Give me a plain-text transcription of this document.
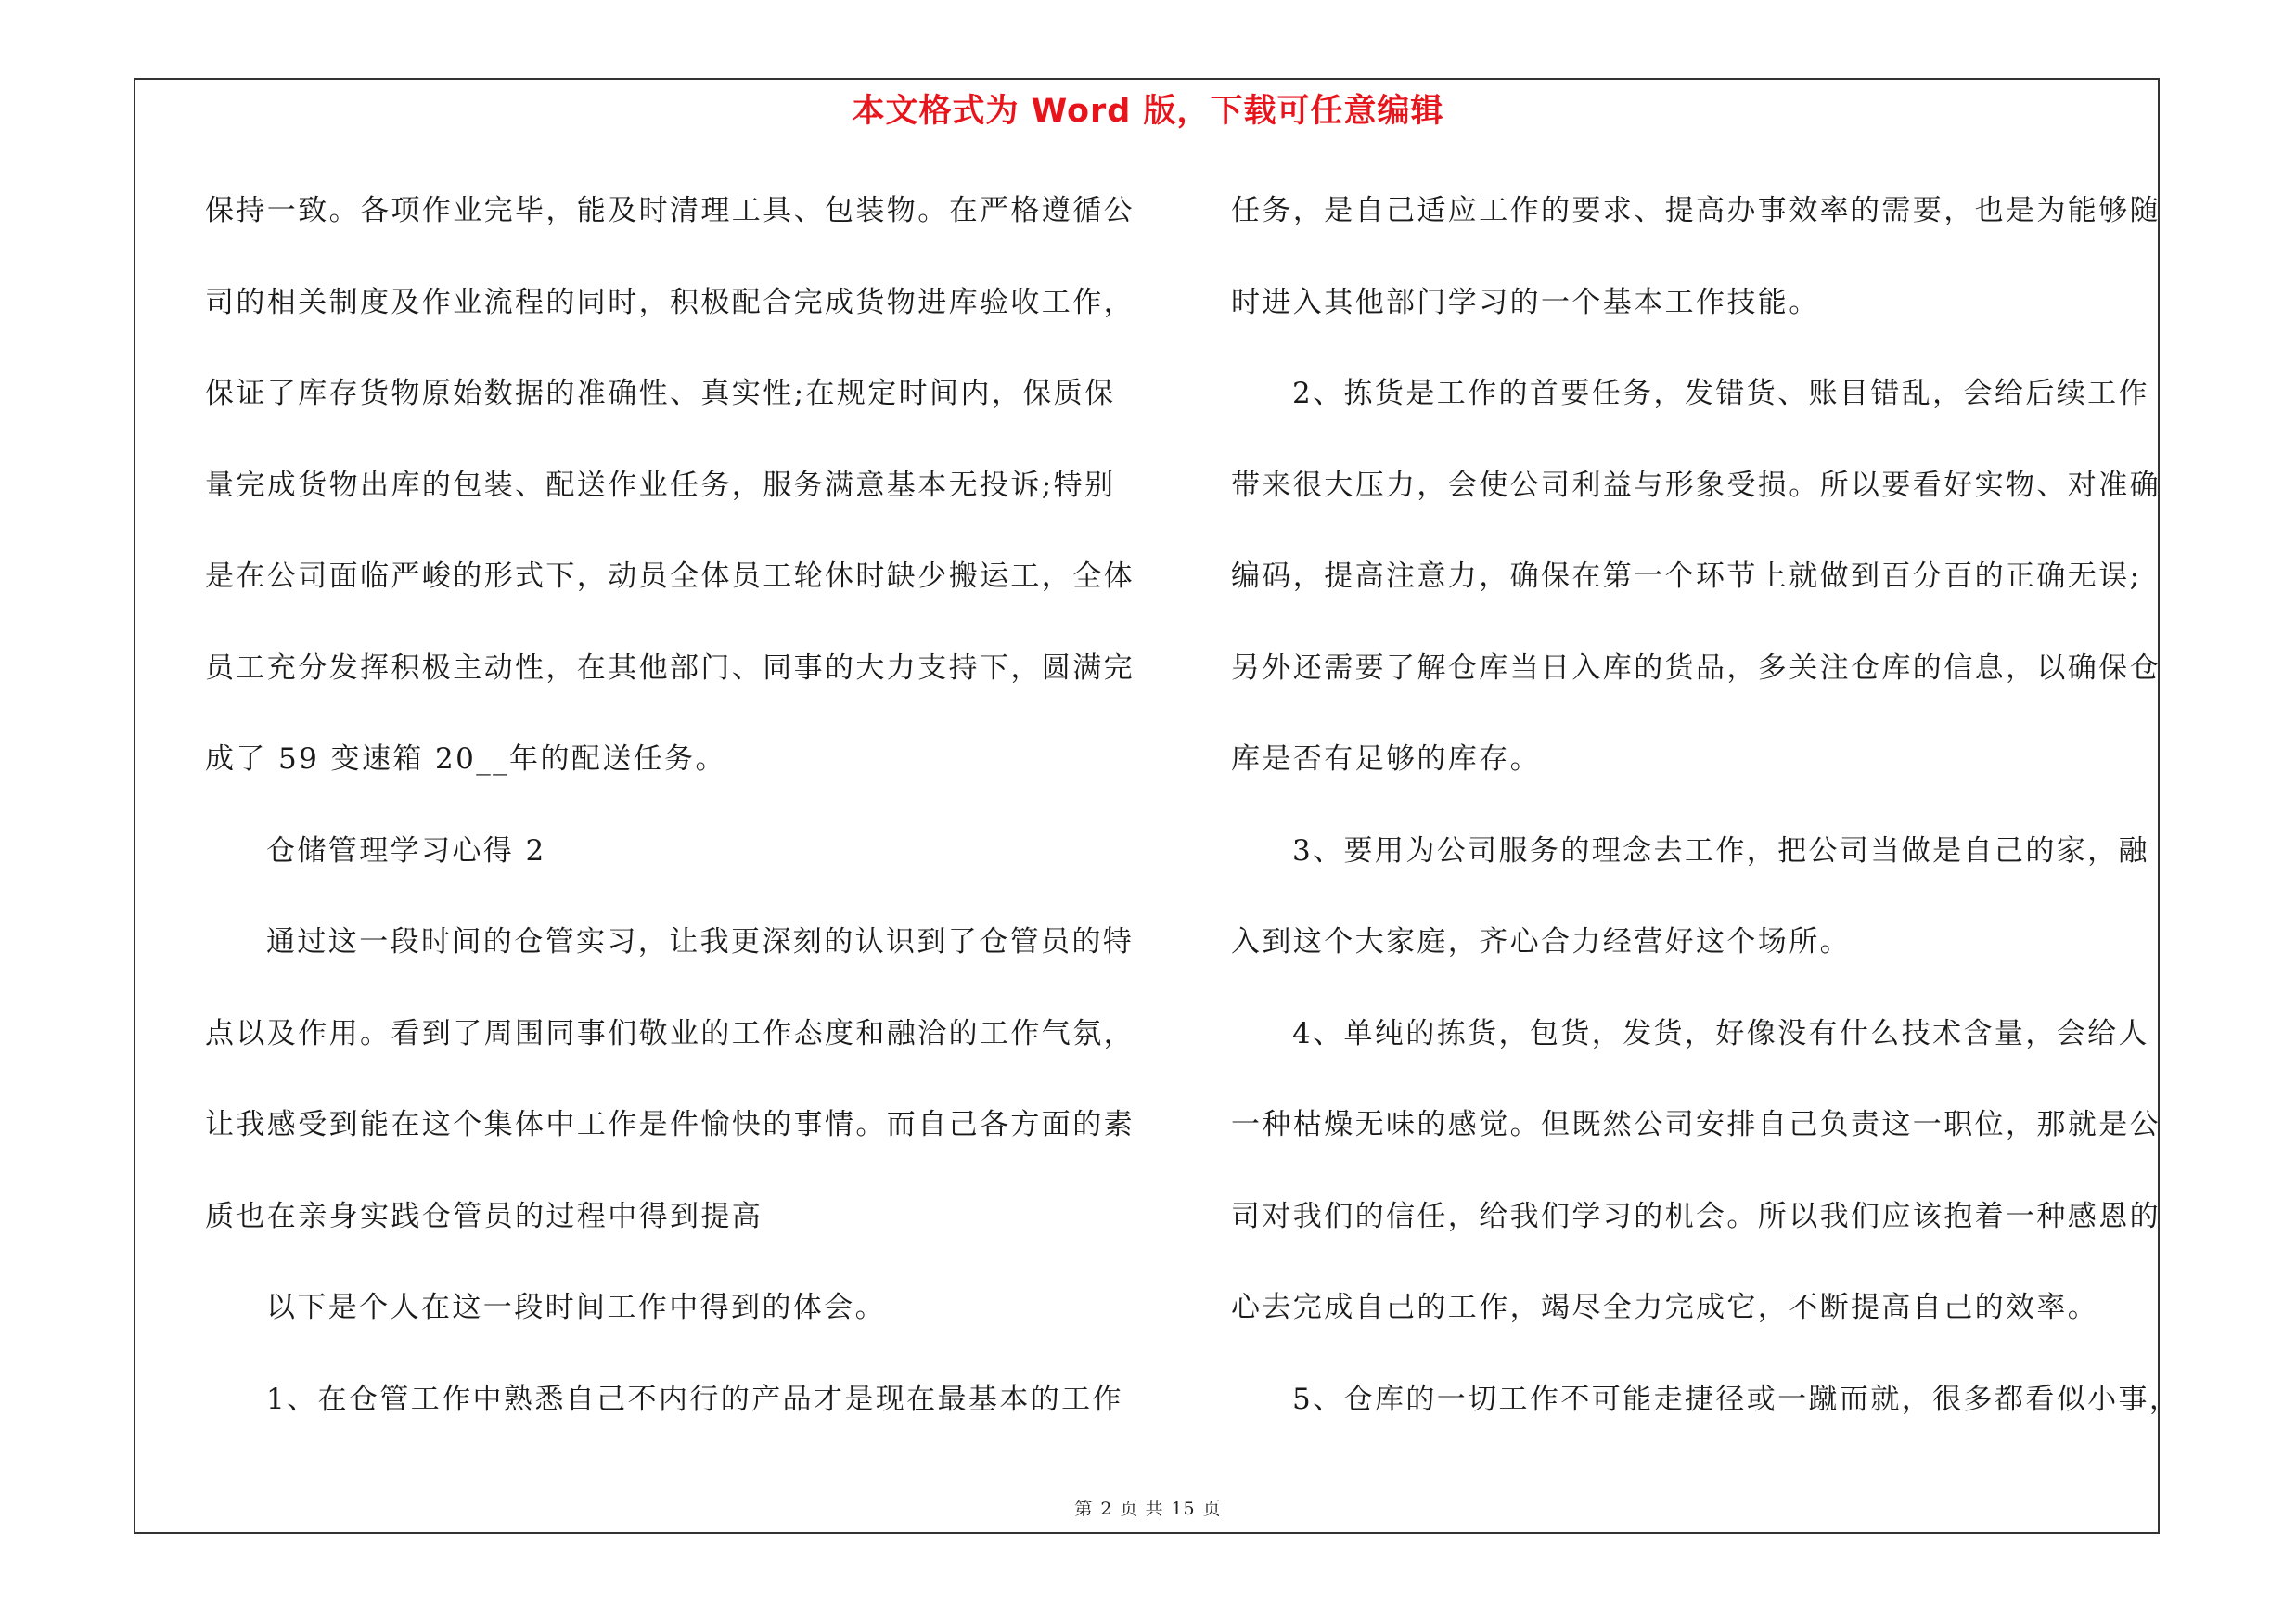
本文格式为 Word 版，下载可任意编辑
保持一致。各项作业完毕，能及时清理工具、包装物。在严格遵循公
司的相关制度及作业流程的同时，积极配合完成货物进库验收工作，
保证了库存货物原始数据的准确性、真实性;在规定时间内，保质保
量完成货物出库的包装、配送作业任务，服务满意基本无投诉;特别
是在公司面临严峻的形式下，动员全体员工轮休时缺少搬运工，全体
员工充分发挥积极主动性，在其他部门、同事的大力支持下，圆满完
成了 59 变速箱 20__年的配送任务。
仓储管理学习心得 2
通过这一段时间的仓管实习，让我更深刻的认识到了仓管员的特
点以及作用。看到了周围同事们敬业的工作态度和融洽的工作气氛，
让我感受到能在这个集体中工作是件愉快的事情。而自己各方面的素
质也在亲身实践仓管员的过程中得到提高
以下是个人在这一段时间工作中得到的体会。
1、在仓管工作中熟悉自己不内行的产品才是现在最基本的工作
任务，是自己适应工作的要求、提高办事效率的需要，也是为能够随
时进入其他部门学习的一个基本工作技能。
2、拣货是工作的首要任务，发错货、账目错乱，会给后续工作
带来很大压力，会使公司利益与形象受损。所以要看好实物、对准确
编码，提高注意力，确保在第一个环节上就做到百分百的正确无误;
另外还需要了解仓库当日入库的货品，多关注仓库的信息，以确保仓
库是否有足够的库存。
3、要用为公司服务的理念去工作，把公司当做是自己的家，融
入到这个大家庭，齐心合力经营好这个场所。
4、单纯的拣货，包货，发货，好像没有什么技术含量，会给人
一种枯燥无味的感觉。但既然公司安排自己负责这一职位，那就是公
司对我们的信任，给我们学习的机会。所以我们应该抱着一种感恩的
心去完成自己的工作，竭尽全力完成它，不断提高自己的效率。
5、仓库的一切工作不可能走捷径或一蹴而就，很多都看似小事，
第 2 页 共 15 页
